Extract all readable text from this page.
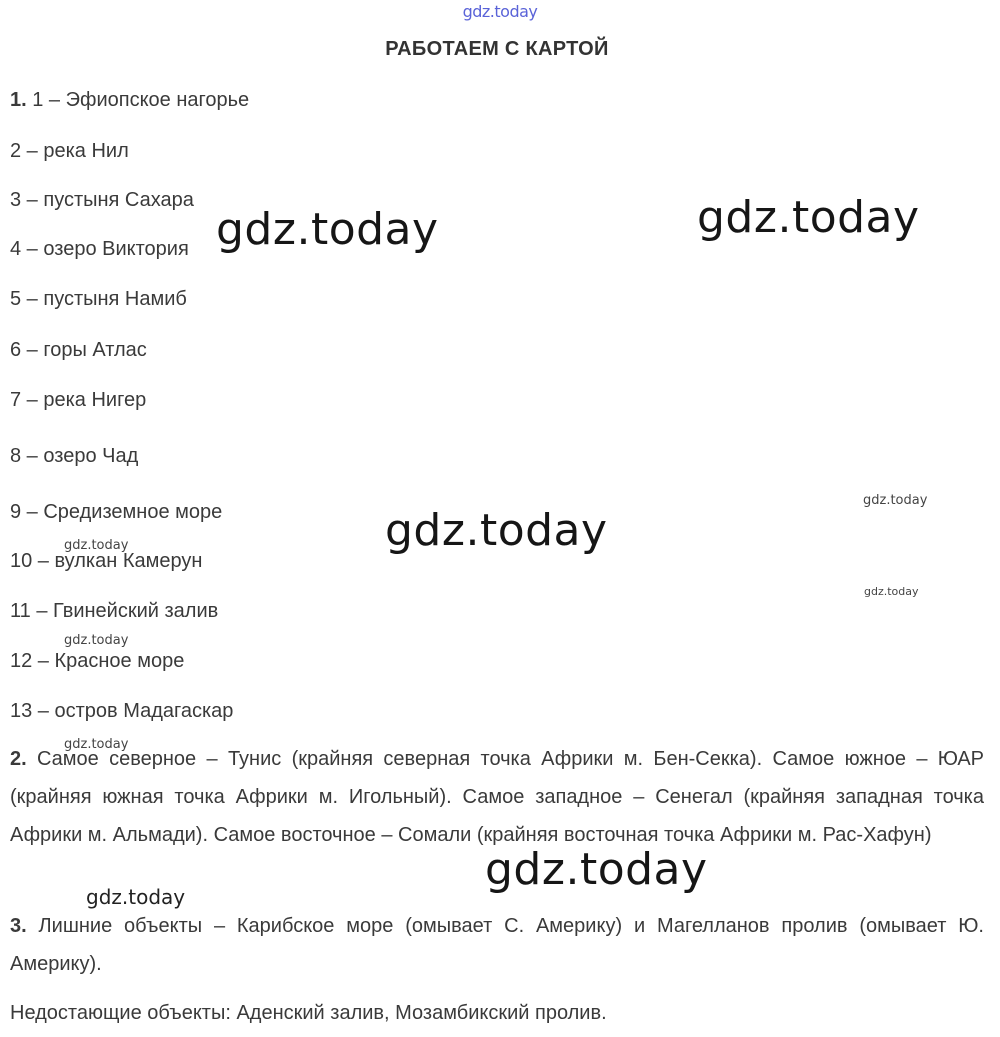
gdz.today
РАБОТАЕМ С КАРТОЙ
1. 1 – Эфиопское нагорье
2 – река Нил
3 – пустыня Сахара
4 – озеро Виктория
5 – пустыня Намиб
6 – горы Атлас
7 – река Нигер
8 – озеро Чад
9 – Средиземное море
10 – вулкан Камерун
11 – Гвинейский залив
12 – Красное море
13 – остров Мадагаскар
2. Самое северное – Тунис (крайняя северная точка Африки м. Бен-Секка). Самое южное – ЮАР (крайняя южная точка Африки м. Игольный). Самое западное – Сенегал (крайняя западная точка Африки м. Альмади). Самое восточное – Сомали (крайняя восточная точка Африки м. Рас-Хафун)
3. Лишние объекты – Карибское море (омывает С. Америку) и Магелланов пролив (омывает Ю. Америку).
Недостающие объекты: Аденский залив, Мозамбикский пролив.
gdz.today	gdz.today
gdz.today
gdz.today
gdz.today
gdz.today
gdz.today
gdz.today
gdz.today
gdz.today
